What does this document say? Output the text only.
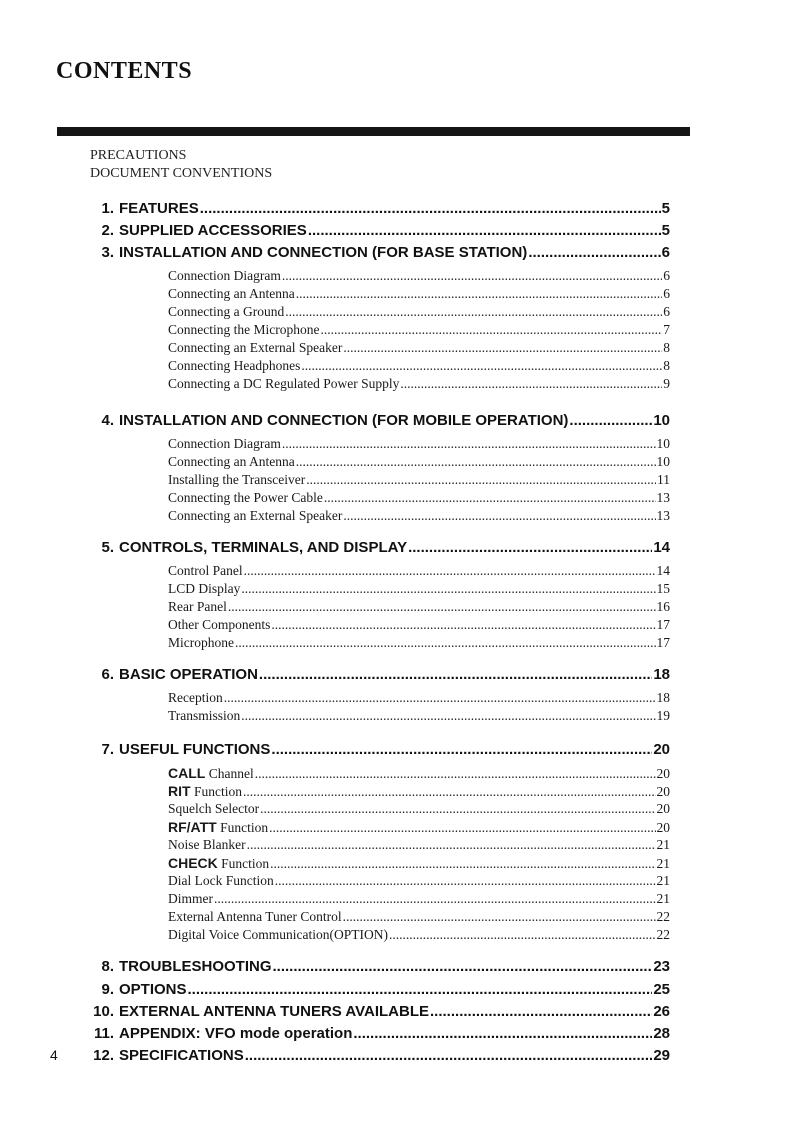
CONTENTS
PRECAUTIONS
DOCUMENT CONVENTIONS
1. FEATURES .....	5
2. SUPPLIED ACCESSORIES .....	5
3. INSTALLATION AND CONNECTION (FOR BASE STATION) .....	6
Connection Diagram .....	6
Connecting an Antenna .....	6
Connecting a Ground .....	6
Connecting the Microphone .....	7
Connecting an External Speaker .....	8
Connecting Headphones .....	8
Connecting a DC Regulated Power Supply .....	9
4. INSTALLATION AND CONNECTION (FOR MOBILE OPERATION) .....	10
Connection Diagram .....	10
Connecting an Antenna .....	10
Installing the Transceiver .....	11
Connecting the Power Cable .....	13
Connecting an External Speaker .....	13
5. CONTROLS, TERMINALS, AND DISPLAY .....	14
Control Panel .....	14
LCD Display .....	15
Rear Panel .....	16
Other Components .....	17
Microphone .....	17
6. BASIC OPERATION .....	18
Reception .....	18
Transmission .....	19
7. USEFUL FUNCTIONS .....	20
CALL Channel .....	20
RIT Function .....	20
Squelch Selector .....	20
RF/ATT Function .....	20
Noise Blanker .....	21
CHECK Function .....	21
Dial Lock Function .....	21
Dimmer .....	21
External Antenna Tuner Control .....	22
Digital Voice Communication(OPTION) .....	22
8. TROUBLESHOOTING .....	23
9. OPTIONS .....	25
10. EXTERNAL ANTENNA TUNERS AVAILABLE .....	26
11. APPENDIX: VFO mode operation .....	28
12. SPECIFICATIONS .....	29
4
